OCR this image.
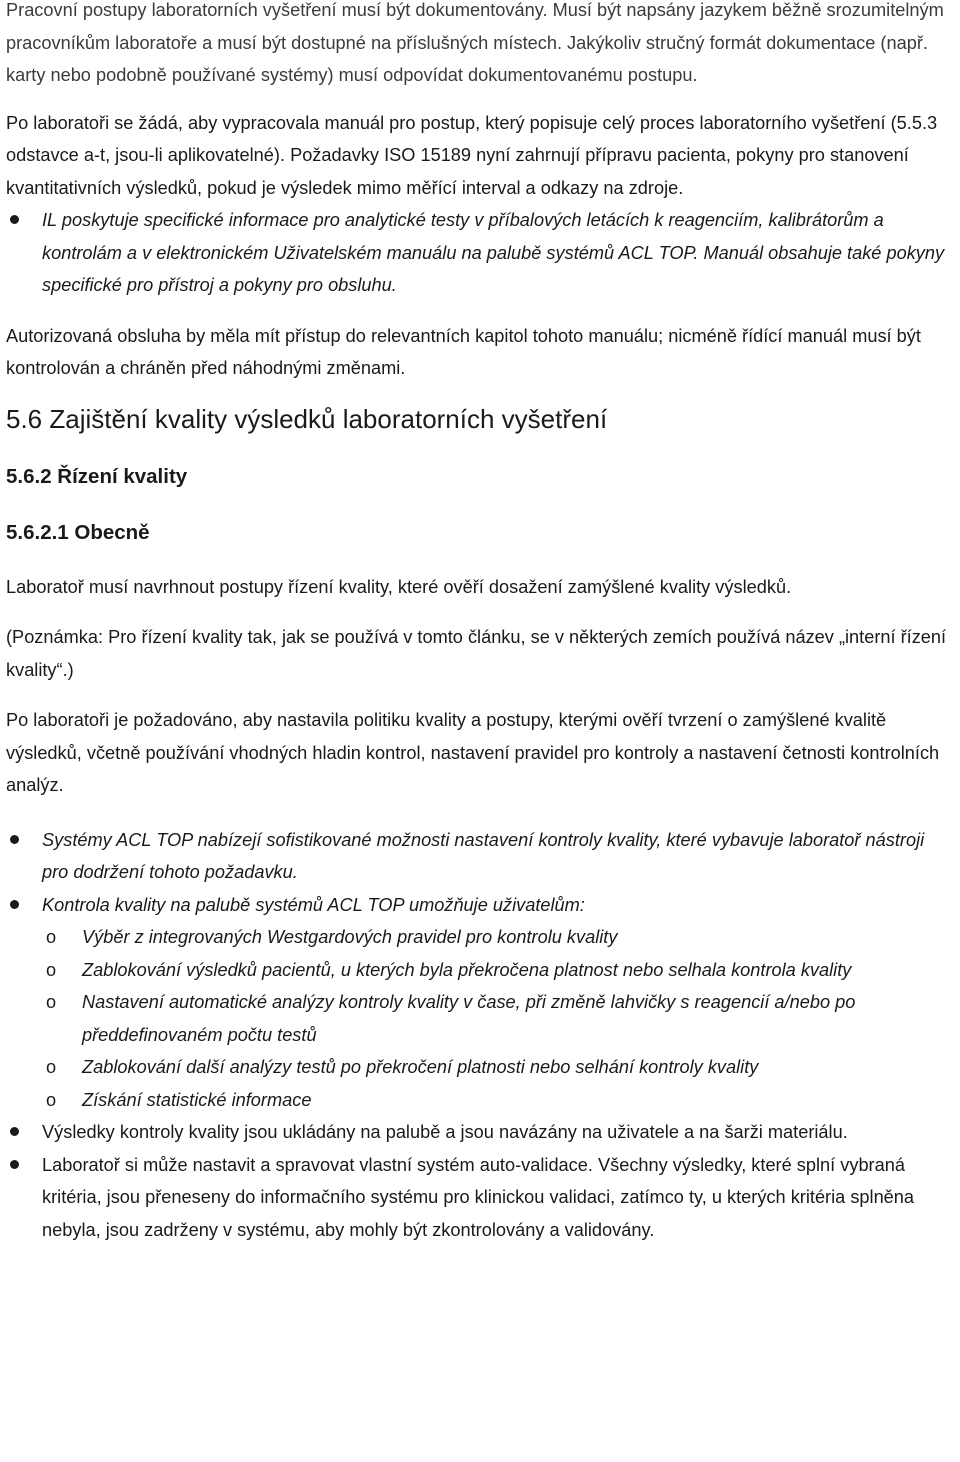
Pracovní postupy laboratorních vyšetření musí být dokumentovány. Musí být napsány jazykem běžně srozumitelným pracovníkům laboratoře a musí být dostupné na příslušných místech. Jakýkoliv stručný formát dokumentace (např. karty nebo podobně používané systémy) musí odpovídat dokumentovanému postupu.

Po laboratoři se žádá, aby vypracovala manuál pro postup, který popisuje celý proces laboratorního vyšetření (5.5.3 odstavce a-t, jsou-li aplikovatelné). Požadavky ISO 15189 nyní zahrnují přípravu pacienta, pokyny pro stanovení kvantitativních výsledků, pokud je výsledek mimo měřící interval a odkazy na zdroje.

IL poskytuje specifické informace pro analytické testy v příbalových letácích k reagenciím, kalibrátorům a kontrolám a v elektronickém Uživatelském manuálu na palubě systémů ACL TOP. Manuál obsahuje také pokyny specifické pro přístroj a pokyny pro obsluhu.

Autorizovaná obsluha by měla mít přístup do relevantních kapitol tohoto manuálu; nicméně řídící manuál musí být kontrolován a chráněn před náhodnými změnami.

5.6 Zajištění kvality výsledků laboratorních vyšetření
5.6.2 Řízení kvality
5.6.2.1 Obecně

Laboratoř musí navrhnout postupy řízení kvality, které ověří dosažení zamýšlené kvality výsledků.

(Poznámka: Pro řízení kvality tak, jak se používá v tomto článku, se v některých zemích používá název „interní řízení kvality“.)

Po laboratoři je požadováno, aby nastavila politiku kvality a postupy, kterými ověří tvrzení o zamýšlené kvalitě výsledků, včetně používání vhodných hladin kontrol, nastavení pravidel pro kontroly a nastavení četnosti kontrolních analýz.

Systémy ACL TOP nabízejí sofistikované možnosti nastavení kontroly kvality, které vybavuje laboratoř nástroji pro dodržení tohoto požadavku.
Kontrola kvality na palubě systémů ACL TOP umožňuje uživatelům:
o Výběr z integrovaných Westgardových pravidel pro kontrolu kvality
o Zablokování výsledků pacientů, u kterých byla překročena platnost nebo selhala kontrola kvality
o Nastavení automatické analýzy kontroly kvality v čase, při změně lahvičky s reagencií a/nebo po předdefinovaném počtu testů
o Zablokování další analýzy testů po překročení platnosti nebo selhání kontroly kvality
o Získání statistické informace
Výsledky kontroly kvality jsou ukládány na palubě a jsou navázány na uživatele a na šarži materiálu.
Laboratoř si může nastavit a spravovat vlastní systém auto-validace. Všechny výsledky, které splní vybraná kritéria, jsou přeneseny do informačního systému pro klinickou validaci, zatímco ty, u kterých kritéria splněna nebyla, jsou zadrženy v systému, aby mohly být zkontrolovány a validovány.
